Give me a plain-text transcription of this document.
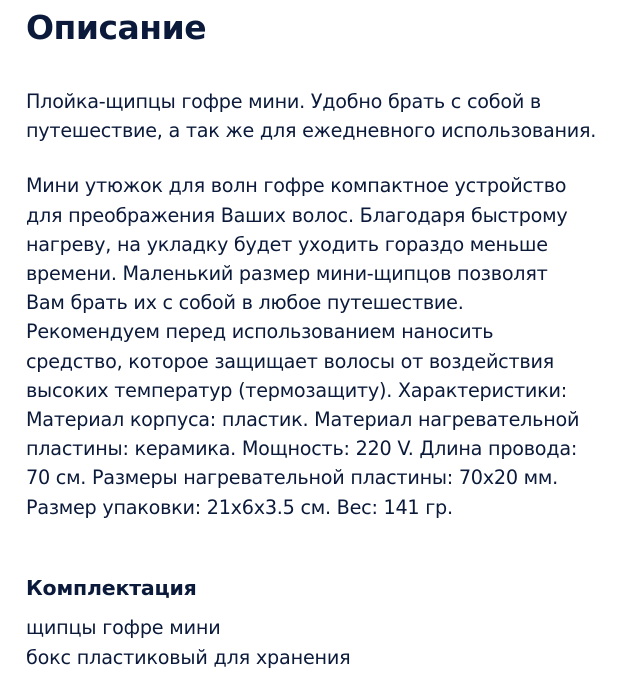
Описание

Плойка-щипцы гофре мини. Удобно брать с собой в
путешествие, а так же для ежедневного использования.

Мини утюжок для волн гофре компактное устройство
для преображения Ваших волос. Благодаря быстрому
нагреву, на укладку будет уходить гораздо меньше
времени. Маленький размер мини-щипцов позволят
Вам брать их с собой в любое путешествие.
Рекомендуем перед использованием наносить
средство, которое защищает волосы от воздействия
высоких температур (термозащиту). Характеристики:
Материал корпуса: пластик. Материал нагревательной
пластины: керамика. Мощность: 220 V. Длина провода:
70 см. Размеры нагревательной пластины: 70х20 мм.
Размер упаковки: 21х6х3.5 см. Вес: 141 гр.

Комплектация
щипцы гофре мини
бокс пластиковый для хранения
